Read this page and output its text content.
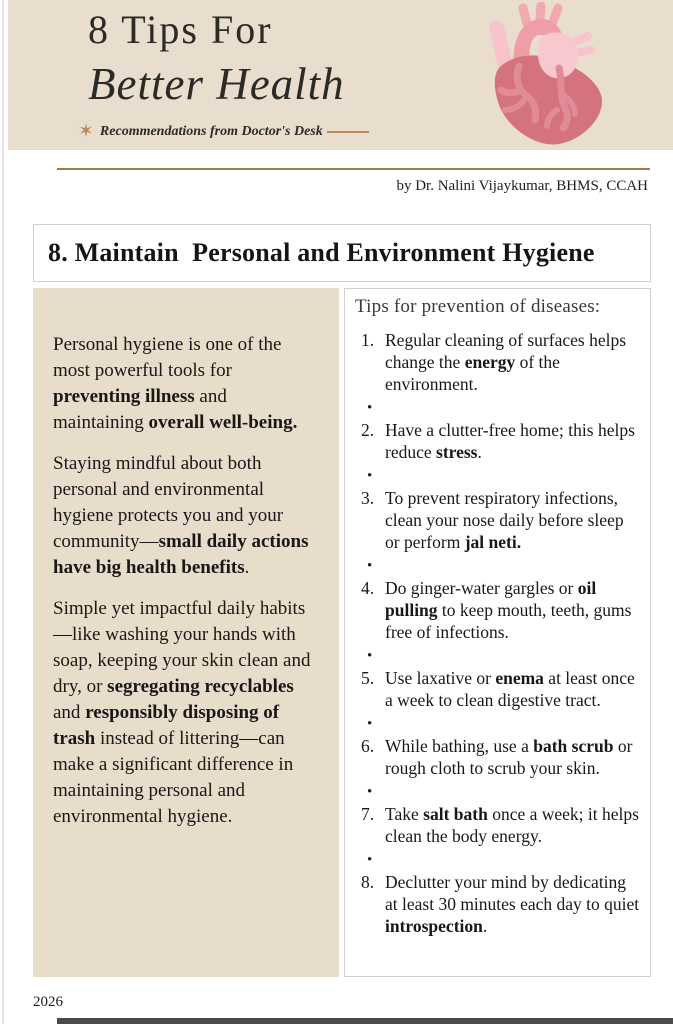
8 Tips For
Better Health
✶ Recommendations from Doctor's Desk
by Dr. Nalini Vijaykumar, BHMS, CCAH
8. Maintain  Personal and Environment Hygiene

Personal hygiene is one of the most powerful tools for preventing illness and maintaining overall well-being.

Staying mindful about both personal and environmental hygiene protects you and your community—small daily actions have big health benefits.

Simple yet impactful daily habits —like washing your hands with soap, keeping your skin clean and dry, or segregating recyclables and responsibly disposing of trash instead of littering—can make a significant difference in maintaining personal and environmental hygiene.

Tips for prevention of diseases:
1. Regular cleaning of surfaces helps change the energy of the environment.
•
2. Have a clutter-free home; this helps reduce stress.
•
3. To prevent respiratory infections, clean your nose daily before sleep or perform jal neti.
•
4. Do ginger-water gargles or oil pulling to keep mouth, teeth, gums free of infections.
•
5. Use laxative or enema at least once a week to clean digestive tract.
•
6. While bathing, use a bath scrub or rough cloth to scrub your skin.
•
7. Take salt bath once a week; it helps clean the body energy.
•
8. Declutter your mind by dedicating at least 30 minutes each day to quiet introspection.
2026
